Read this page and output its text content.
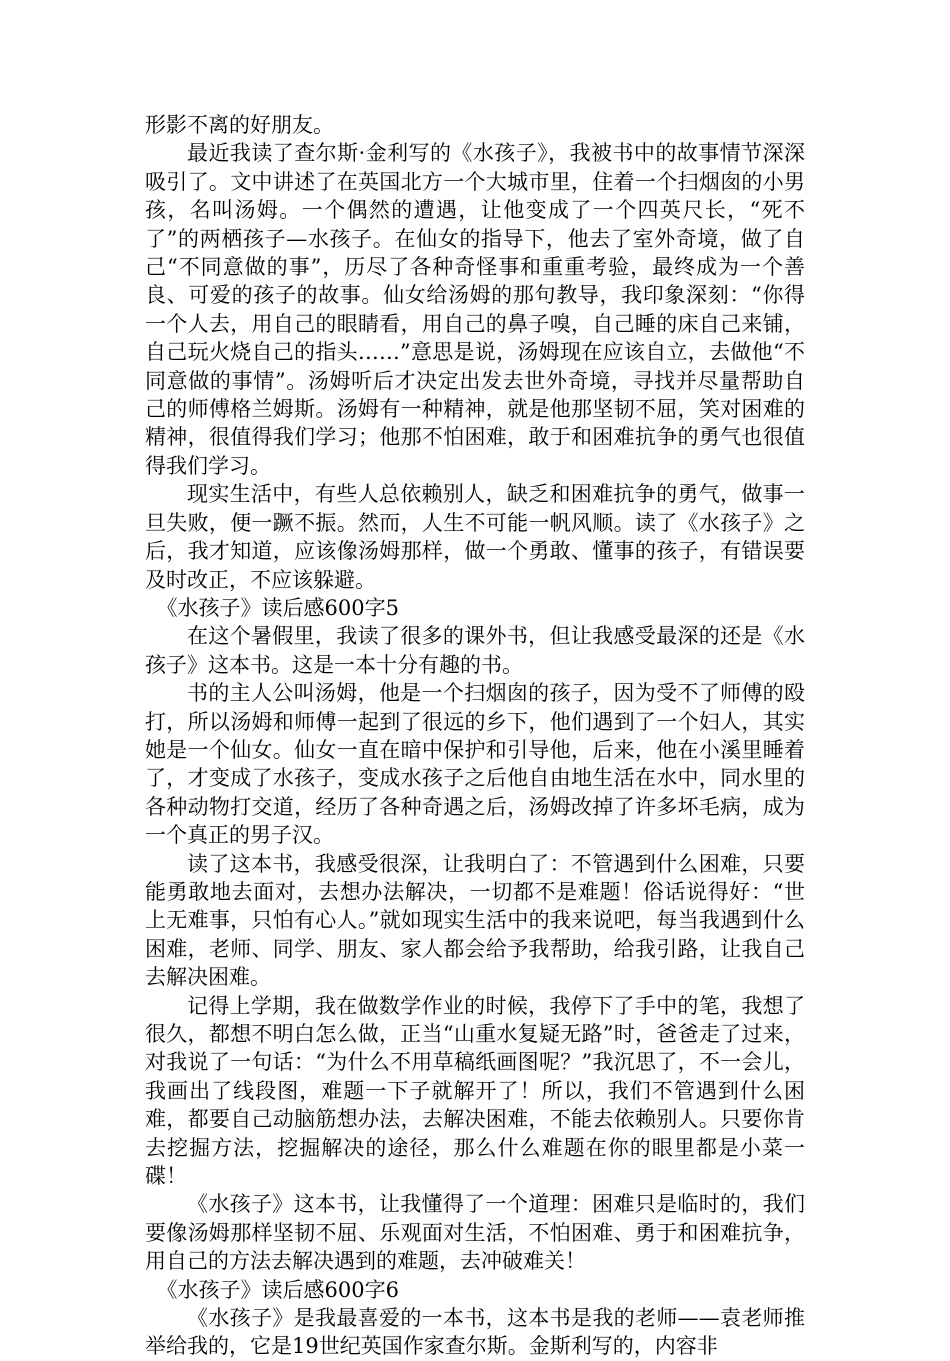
形影不离的好朋友。

最近我读了查尔斯·金利写的《水孩子》，我被书中的故事情节深深吸引了。文中讲述了在英国北方一个大城市里，住着一个扫烟囱的小男孩，名叫汤姆。一个偶然的遭遇，让他变成了一个四英尺长，“死不了”的两栖孩子—水孩子。在仙女的指导下，他去了室外奇境，做了自己“不同意做的事”，历尽了各种奇怪事和重重考验，最终成为一个善良、可爱的孩子的故事。仙女给汤姆的那句教导，我印象深刻：“你得一个人去，用自己的眼睛看，用自己的鼻子嗅，自己睡的床自己来铺，自己玩火烧自己的指头……”意思是说，汤姆现在应该自立，去做他“不同意做的事情”。汤姆听后才决定出发去世外奇境，寻找并尽量帮助自己的师傅格兰姆斯。汤姆有一种精神，就是他那坚韧不屈，笑对困难的精神，很值得我们学习；他那不怕困难，敢于和困难抗争的勇气也很值得我们学习。

现实生活中，有些人总依赖别人，缺乏和困难抗争的勇气，做事一旦失败，便一蹶不振。然而，人生不可能一帆风顺。读了《水孩子》之后，我才知道，应该像汤姆那样，做一个勇敢、懂事的孩子，有错误要及时改正，不应该躲避。

《水孩子》读后感600字5

在这个暑假里，我读了很多的课外书，但让我感受最深的还是《水孩子》这本书。这是一本十分有趣的书。

书的主人公叫汤姆，他是一个扫烟囱的孩子，因为受不了师傅的殴打，所以汤姆和师傅一起到了很远的乡下，他们遇到了一个妇人，其实她是一个仙女。仙女一直在暗中保护和引导他，后来，他在小溪里睡着了，才变成了水孩子，变成水孩子之后他自由地生活在水中，同水里的各种动物打交道，经历了各种奇遇之后，汤姆改掉了许多坏毛病，成为一个真正的男子汉。

读了这本书，我感受很深，让我明白了：不管遇到什么困难，只要能勇敢地去面对，去想办法解决，一切都不是难题！俗话说得好：“世上无难事，只怕有心人。”就如现实生活中的我来说吧，每当我遇到什么困难，老师、同学、朋友、家人都会给予我帮助，给我引路，让我自己去解决困难。

记得上学期，我在做数学作业的时候，我停下了手中的笔，我想了很久，都想不明白怎么做，正当“山重水复疑无路”时，爸爸走了过来，对我说了一句话：“为什么不用草稿纸画图呢？”我沉思了，不一会儿，我画出了线段图，难题一下子就解开了！所以，我们不管遇到什么困难，都要自己动脑筋想办法，去解决困难，不能去依赖别人。只要你肯去挖掘方法，挖掘解决的途径，那么什么难题在你的眼里都是小菜一碟！

《水孩子》这本书，让我懂得了一个道理：困难只是临时的，我们要像汤姆那样坚韧不屈、乐观面对生活，不怕困难、勇于和困难抗争，用自己的方法去解决遇到的难题，去冲破难关！

《水孩子》读后感600字6

《水孩子》是我最喜爱的一本书，这本书是我的老师——袁老师推举给我的，它是19世纪英国作家查尔斯。金斯利写的，内容非
